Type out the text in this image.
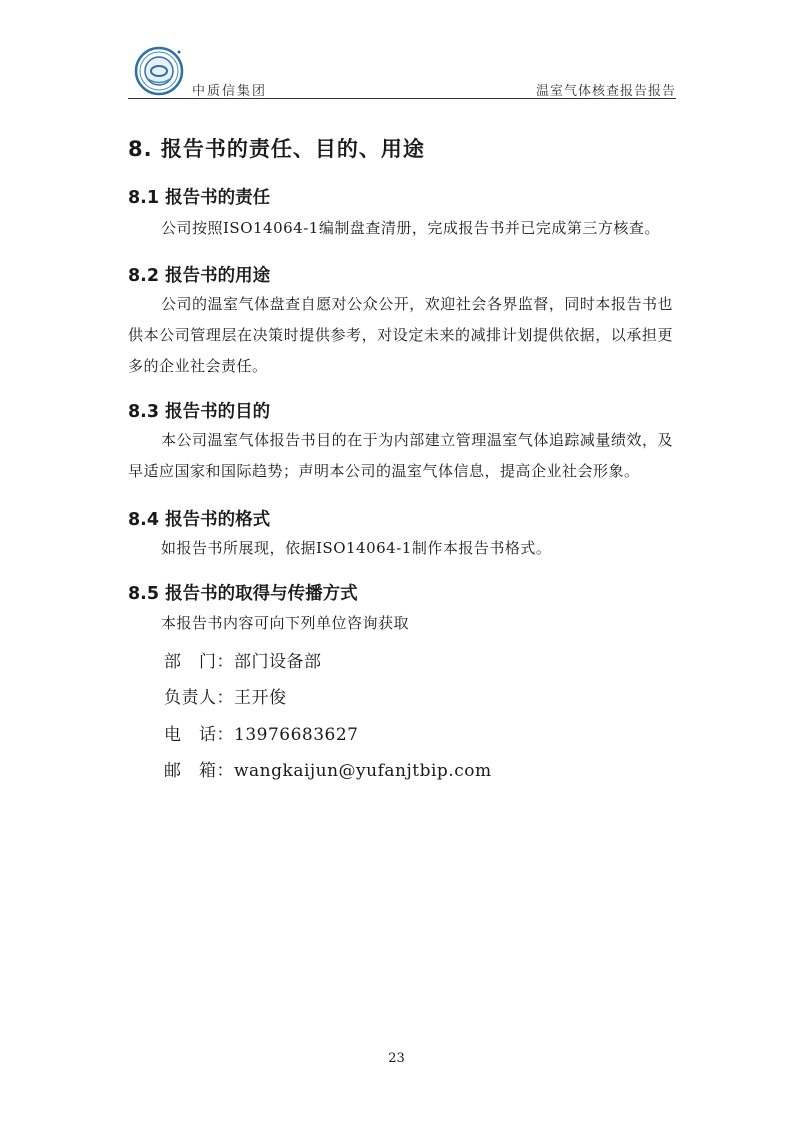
中质信集团	温室气体核查报告报告
8. 报告书的责任、目的、用途
8.1 报告书的责任
公司按照ISO14064-1编制盘查清册，完成报告书并已完成第三方核查。
8.2 报告书的用途
公司的温室气体盘查自愿对公众公开，欢迎社会各界监督，同时本报告书也供本公司管理层在决策时提供参考，对设定未来的减排计划提供依据，以承担更多的企业社会责任。
8.3 报告书的目的
本公司温室气体报告书目的在于为内部建立管理温室气体追踪减量绩效，及早适应国家和国际趋势；声明本公司的温室气体信息，提高企业社会形象。
8.4 报告书的格式
如报告书所展现，依据ISO14064-1制作本报告书格式。
8.5 报告书的取得与传播方式
本报告书内容可向下列单位咨询获取
部　门：部门设备部
负责人：王开俊
电　话：13976683627
邮　箱：wangkaijun@yufanjtbip.com
23
